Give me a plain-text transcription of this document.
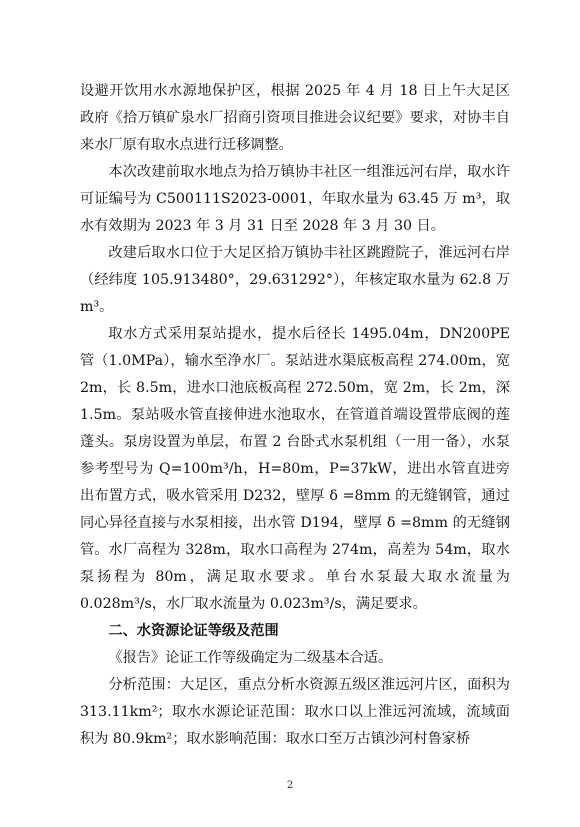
设避开饮用水水源地保护区，根据 2025 年 4 月 18 日上午大足区政府《拾万镇矿泉水厂招商引资项目推进会议纪要》要求，对协丰自来水厂原有取水点进行迁移调整。

本次改建前取水地点为拾万镇协丰社区一组淮远河右岸，取水许可证编号为 C500111S2023-0001，年取水量为 63.45 万 m³，取水有效期为 2023 年 3 月 31 日至 2028 年 3 月 30 日。

改建后取水口位于大足区拾万镇协丰社区跳蹬院子，淮远河右岸（经纬度 105.913480°，29.631292°），年核定取水量为 62.8 万 m³。

取水方式采用泵站提水，提水后径长 1495.04m，DN200PE 管（1.0MPa），输水至净水厂。泵站进水渠底板高程 274.00m，宽 2m，长 8.5m，进水口池底板高程 272.50m，宽 2m，长 2m，深 1.5m。泵站吸水管直接伸进水池取水，在管道首端设置带底阀的莲蓬头。泵房设置为单层，布置 2 台卧式水泵机组（一用一备），水泵参考型号为 Q=100m³/h，H=80m，P=37kW，进出水管直进旁出布置方式，吸水管采用 D232，壁厚 δ =8mm 的无缝钢管，通过同心异径直接与水泵相接，出水管 D194，壁厚 δ =8mm 的无缝钢管。 水厂高程为 328m，取水口高程为 274m，高差为 54m，取水泵扬程为 80m，满足取水要求。单台水泵最大取水流量为 0.028m³/s，水厂取水流量为 0.023m³/s，满足要求。

二、水资源论证等级及范围

《报告》论证工作等级确定为二级基本合适。

分析范围：大足区，重点分析水资源五级区淮远河片区，面积为 313.11km²；取水水源论证范围：取水口以上淮远河流域，流域面积为 80.9km²；取水影响范围：取水口至万古镇沙河村鲁家桥

2
